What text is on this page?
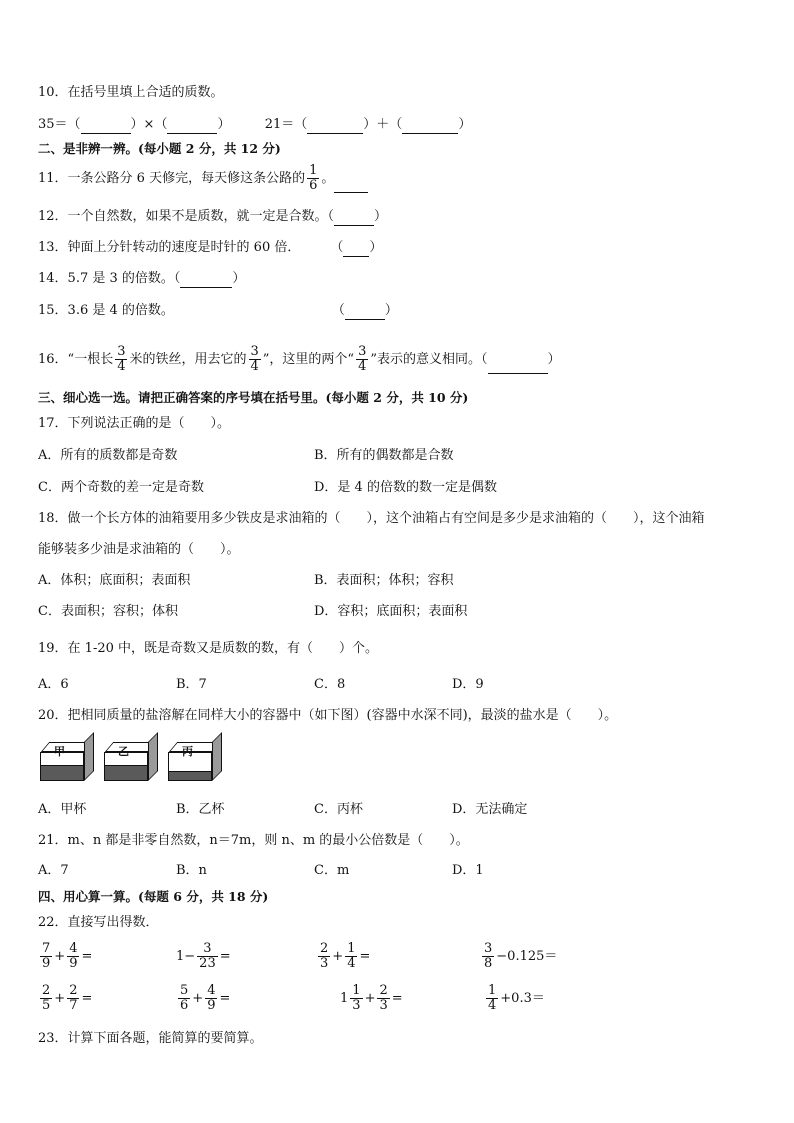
10．在括号里填上合适的质数。
35＝（	）×（	）	21＝（	）＋（	）
二、是非辨一辨。(每小题 2 分，共 12 分)
11．一条公路分 6 天修完，每天修这条公路的 $\frac{1}{6}$ 。
12．一个自然数，如果不是质数，就一定是合数。（	）
13．钟面上分针转动的速度是时针的 60 倍． （ ）
14．5.7 是 3 的倍数。（	）
15．3.6 是 4 的倍数。	（	）
16．“一根长 $\frac{3}{4}$ 米的铁丝，用去它的 $\frac{3}{4}$ ”，这里的两个“ $\frac{3}{4}$ ”表示的意义相同。（	）
三、细心选一选。请把正确答案的序号填在括号里。(每小题 2 分，共 10 分)
17．下列说法正确的是（　　）。
A．所有的质数都是奇数	B．所有的偶数都是合数
C．两个奇数的差一定是奇数	D．是 4 的倍数的数一定是偶数
18．做一个长方体的油箱要用多少铁皮是求油箱的（　　），这个油箱占有空间是多少是求油箱的（　　），这个油箱
能够装多少油是求油箱的（　　）。
A．体积；底面积；表面积	B．表面积；体积；容积
C．表面积；容积；体积	D．容积；底面积；表面积
19．在 1-20 中，既是奇数又是质数的数，有（　　）个。
A．6	B．7	C．8	D．9
20．把相同质量的盐溶解在同样大小的容器中（如下图）(容器中水深不同)，最淡的盐水是（　　）。
甲	乙	丙
A．甲杯	B．乙杯	C．丙杯	D．无法确定
21．m、n 都是非零自然数，n＝7m，则 n、m 的最小公倍数是（　　）。
A．7	B．n	C．m	D．1
四、用心算一算。(每题 6 分，共 18 分)
22．直接写出得数．
$\frac{7}{9} + \frac{4}{9}$ =	$1- \frac{3}{23}$ =	$\frac{2}{3} + \frac{1}{4}$ =	$\frac{3}{8} -0.125=$
$\frac{2}{5} + \frac{2}{7}$ =	$\frac{5}{6} + \frac{4}{9}$ =	$1 \frac{1}{3} + \frac{2}{3}$ =	$\frac{1}{4} +0.3=$
23．计算下面各题，能简算的要简算。
